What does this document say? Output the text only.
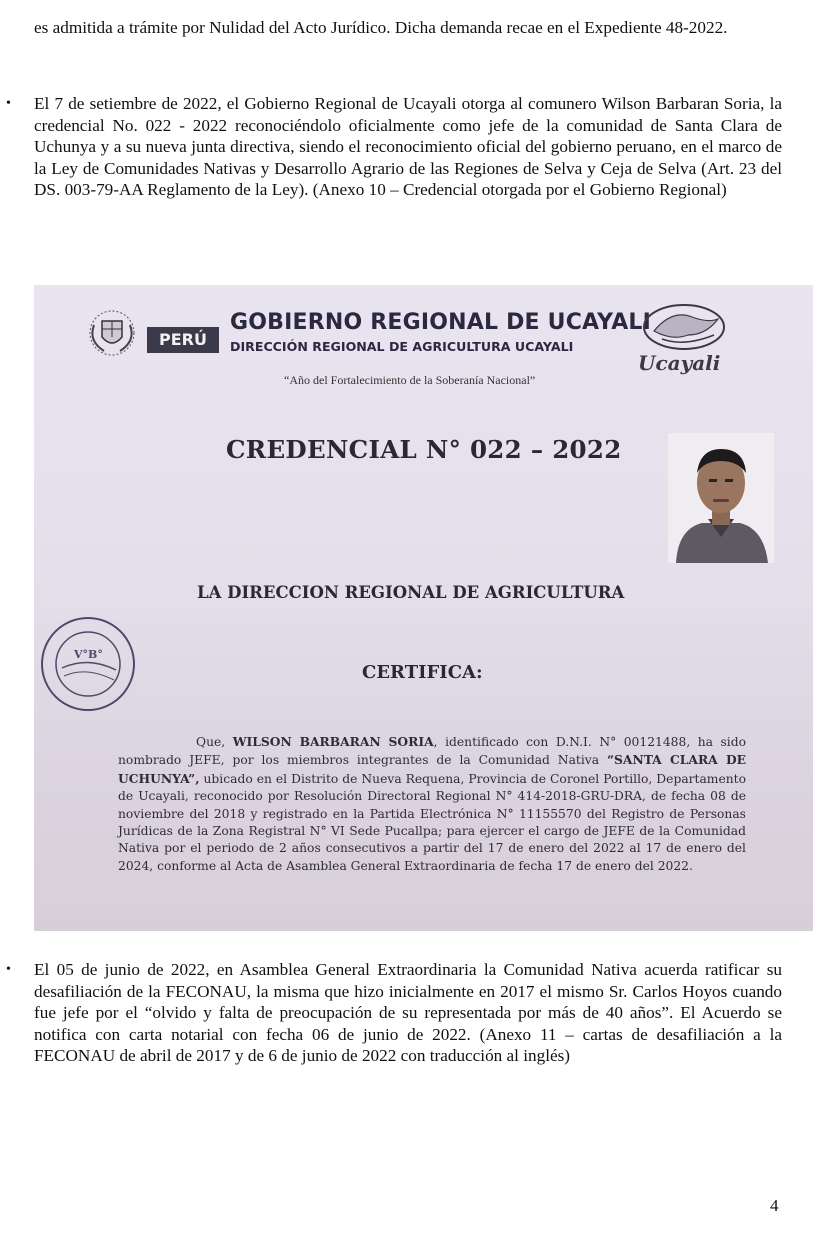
es admitida a trámite por Nulidad del Acto Jurídico. Dicha demanda recae en el Expediente 48-2022.

• El 7 de setiembre de 2022, el Gobierno Regional de Ucayali otorga al comunero Wilson Barbaran Soria, la credencial No. 022 - 2022 reconociéndolo oficialmente como jefe de la comunidad de Santa Clara de Uchunya y a su nueva junta directiva, siendo el reconocimiento oficial del gobierno peruano, en el marco de la Ley de Comunidades Nativas y Desarrollo Agrario de las Regiones de Selva y Ceja de Selva (Art. 23 del DS. 003-79-AA Reglamento de la Ley). (Anexo 10 – Credencial otorgada por el Gobierno Regional)

PERÚ
GOBIERNO REGIONAL DE UCAYALI
DIRECCIÓN REGIONAL DE AGRICULTURA UCAYALI
“Año del Fortalecimiento de la Soberanía Nacional”
Ucayali
CREDENCIAL N° 022 – 2022
LA DIRECCION REGIONAL DE AGRICULTURA
V°B°
CERTIFICA:

Que, WILSON BARBARAN SORIA, identificado con D.N.I. N° 00121488, ha sido nombrado JEFE, por los miembros integrantes de la Comunidad Nativa “SANTA CLARA DE UCHUNYA”, ubicado en el Distrito de Nueva Requena, Provincia de Coronel Portillo, Departamento de Ucayali, reconocido por Resolución Directoral Regional N° 414-2018-GRU-DRA, de fecha 08 de noviembre del 2018 y registrado en la Partida Electrónica N° 11155570 del Registro de Personas Jurídicas de la Zona Registral N° VI Sede Pucallpa; para ejercer el cargo de JEFE de la Comunidad Nativa por el periodo de 2 años consecutivos a partir del 17 de enero del 2022 al 17 de enero del 2024, conforme al Acta de Asamblea General Extraordinaria de fecha 17 de enero del 2022.

• El 05 de junio de 2022, en Asamblea General Extraordinaria la Comunidad Nativa acuerda ratificar su desafiliación de la FECONAU, la misma que hizo inicialmente en 2017 el mismo Sr. Carlos Hoyos cuando fue jefe por el “olvido y falta de preocupación de su representada por más de 40 años”. El Acuerdo se notifica con carta notarial con fecha 06 de junio de 2022. (Anexo 11 – cartas de desafiliación a la FECONAU de abril de 2017 y de 6 de junio de 2022 con traducción al inglés)

4
